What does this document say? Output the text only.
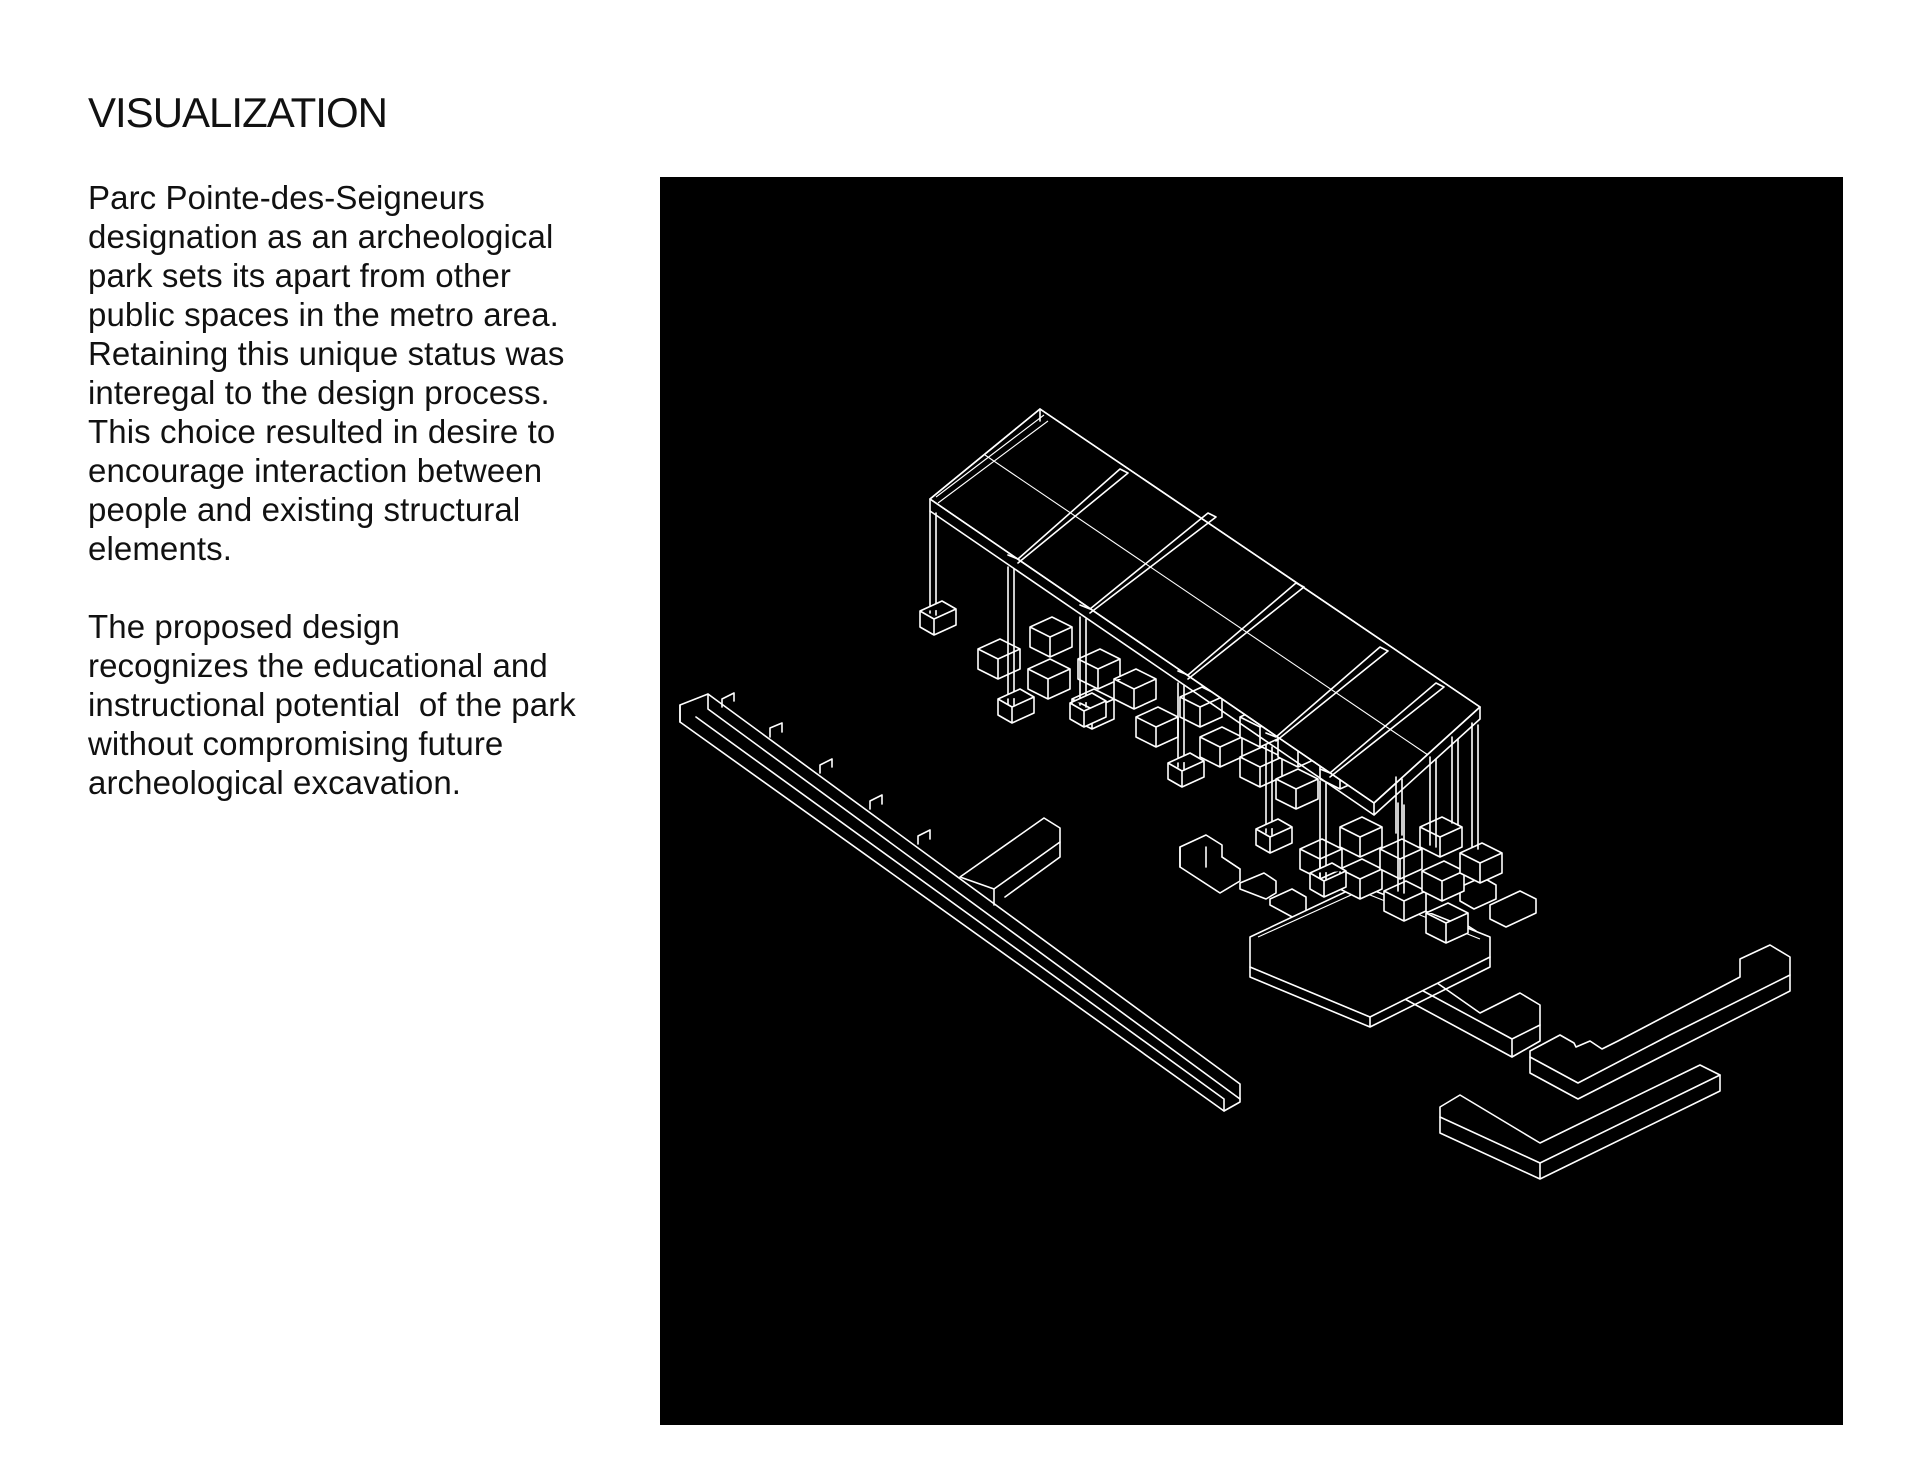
VISUALIZATION

Parc Pointe-des-Seigneurs
designation as an archeological
park sets its apart from other
public spaces in the metro area.
Retaining this unique status was
interegal to the design process.
This choice resulted in desire to
encourage interaction between
people and existing structural
elements.

The proposed design
recognizes the educational and
instructional potential  of the park
without compromising future
archeological excavation.
